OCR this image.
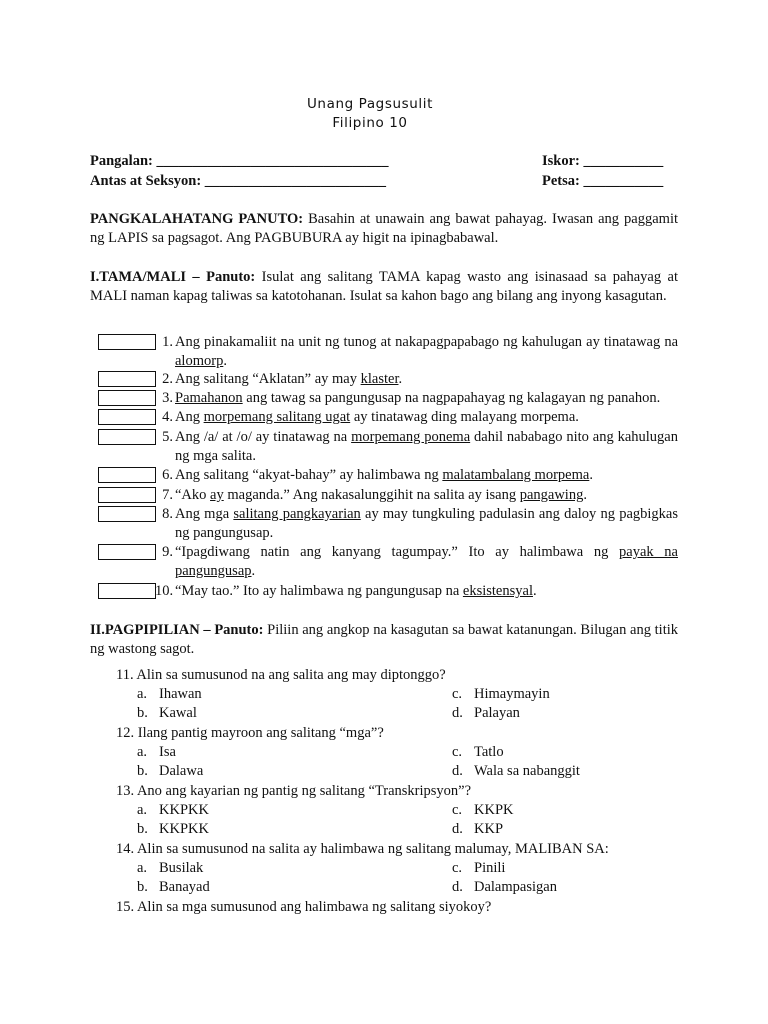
Unang Pagsusulit
Filipino 10
Pangalan: ________________________________
Antas at Seksyon: _________________________
Iskor: ___________
Petsa: ___________
PANGKALAHATANG PANUTO: Basahin at unawain ang bawat pahayag. Iwasan ang paggamit ng LAPIS sa pagsagot. Ang PAGBUBURA ay higit na ipinagbabawal.
I.TAMA/MALI – Panuto: Isulat ang salitang TAMA kapag wasto ang isinasaad sa pahayag at MALI naman kapag taliwas sa katotohanan. Isulat sa kahon bago ang bilang ang inyong kasagutan.
1. Ang pinakamaliit na unit ng tunog at nakapagpapabago ng kahulugan ay tinatawag na alomorp.
2. Ang salitang “Aklatan” ay may klaster.
3. Pamahanon ang tawag sa pangungusap na nagpapahayag ng kalagayan ng panahon.
4. Ang morpemang salitang ugat ay tinatawag ding malayang morpema.
5. Ang /a/ at /o/ ay tinatawag na morpemang ponema dahil nababago nito ang kahulugan ng mga salita.
6. Ang salitang “akyat-bahay” ay halimbawa ng malatambalang morpema.
7. “Ako ay maganda.” Ang nakasalunggihit na salita ay isang pangawing.
8. Ang mga salitang pangkayarian ay may tungkuling padulasin ang daloy ng pagbigkas ng pangungusap.
9. “Ipagdiwang natin ang kanyang tagumpay.” Ito ay halimbawa ng payak na pangungusap.
10. “May tao.” Ito ay halimbawa ng pangungusap na eksistensyal.
II.PAGPIPILIAN – Panuto: Piliin ang angkop na kasagutan sa bawat katanungan. Bilugan ang titik ng wastong sagot.
11. Alin sa sumusunod na ang salita ang may diptonggo?
a. Ihawan	c. Himaymayin
b. Kawal	d. Palayan
12. Ilang pantig mayroon ang salitang “mga”?
a. Isa	c. Tatlo
b. Dalawa	d. Wala sa nabanggit
13. Ano ang kayarian ng pantig ng salitang “Transkripsyon”?
a. KKPKK	c. KKPK
b. KKPKK	d. KKP
14. Alin sa sumusunod na salita ay halimbawa ng salitang malumay, MALIBAN SA:
a. Busilak	c. Pinili
b. Banayad	d. Dalampasigan
15. Alin sa mga sumusunod ang halimbawa ng salitang siyokoy?
